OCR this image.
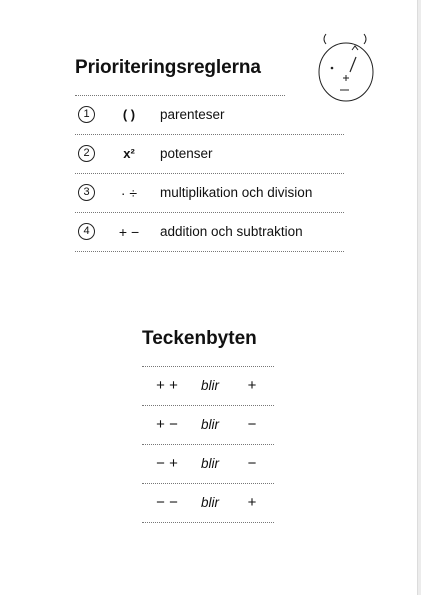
Prioriteringsreglerna
1	( )	parenteser
2	x²	potenser
3	· ÷	multiplikation och division
4	+ −	addition och subtraktion
Teckenbyten
+ +	blir	+
+ −	blir	−
− +	blir	−
− −	blir	+
